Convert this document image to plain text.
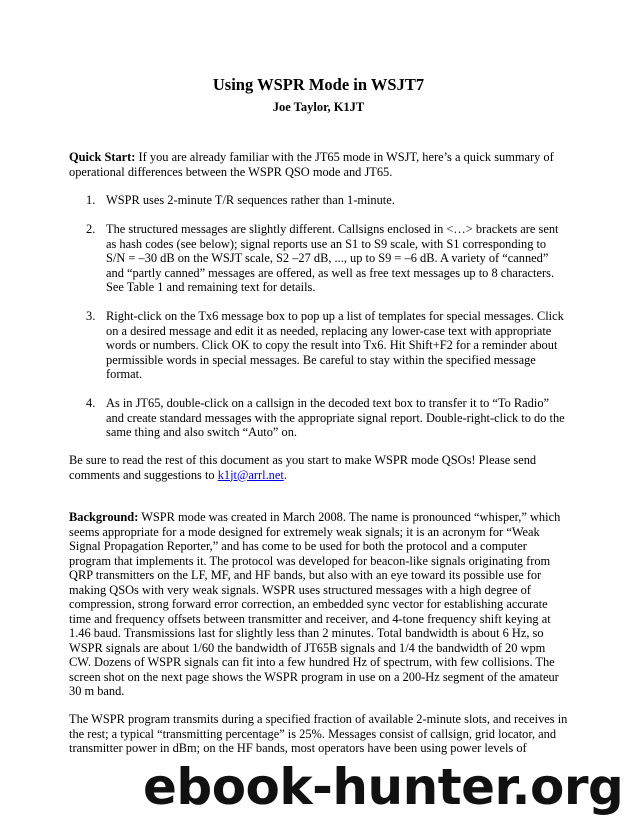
Using WSPR Mode in WSJT7
Joe Taylor, K1JT
Quick Start: If you are already familiar with the JT65 mode in WSJT, here’s a quick summary of operational differences between the WSPR QSO mode and JT65.
1. WSPR uses 2-minute T/R sequences rather than 1-minute.
2. The structured messages are slightly different. Callsigns enclosed in <…> brackets are sent as hash codes (see below); signal reports use an S1 to S9 scale, with S1 corresponding to S/N = –30 dB on the WSJT scale, S2 –27 dB, ..., up to S9 = –6 dB. A variety of “canned” and “partly canned” messages are offered, as well as free text messages up to 8 characters. See Table 1 and remaining text for details.
3. Right-click on the Tx6 message box to pop up a list of templates for special messages. Click on a desired message and edit it as needed, replacing any lower-case text with appropriate words or numbers. Click OK to copy the result into Tx6. Hit Shift+F2 for a reminder about permissible words in special messages. Be careful to stay within the specified message format.
4. As in JT65, double-click on a callsign in the decoded text box to transfer it to “To Radio” and create standard messages with the appropriate signal report. Double-right-click to do the same thing and also switch “Auto” on.
Be sure to read the rest of this document as you start to make WSPR mode QSOs! Please send comments and suggestions to k1jt@arrl.net.
Background: WSPR mode was created in March 2008. The name is pronounced “whisper,” which seems appropriate for a mode designed for extremely weak signals; it is an acronym for “Weak Signal Propagation Reporter,” and has come to be used for both the protocol and a computer program that implements it. The protocol was developed for beacon-like signals originating from QRP transmitters on the LF, MF, and HF bands, but also with an eye toward its possible use for making QSOs with very weak signals. WSPR uses structured messages with a high degree of compression, strong forward error correction, an embedded sync vector for establishing accurate time and frequency offsets between transmitter and receiver, and 4-tone frequency shift keying at 1.46 baud. Transmissions last for slightly less than 2 minutes. Total bandwidth is about 6 Hz, so WSPR signals are about 1/60 the bandwidth of JT65B signals and 1/4 the bandwidth of 20 wpm CW. Dozens of WSPR signals can fit into a few hundred Hz of spectrum, with few collisions. The screen shot on the next page shows the WSPR program in use on a 200-Hz segment of the amateur 30 m band.
The WSPR program transmits during a specified fraction of available 2-minute slots, and receives in the rest; a typical “transmitting percentage” is 25%. Messages consist of callsign, grid locator, and transmitter power in dBm; on the HF bands, most operators have been using power levels of
ebook-hunter.org
